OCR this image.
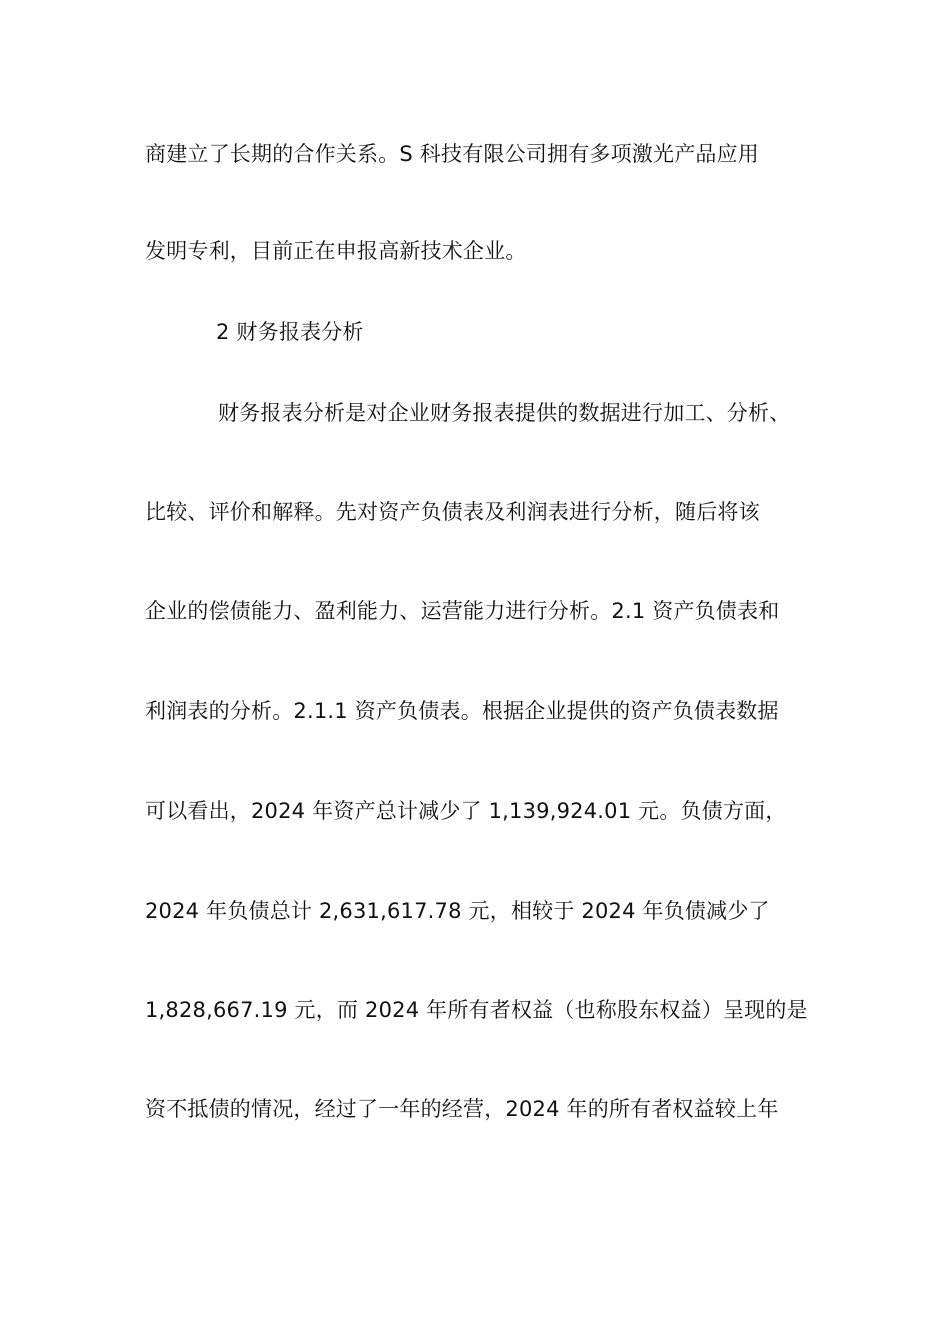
商建立了长期的合作关系。S 科技有限公司拥有多项激光产品应用
发明专利，目前正在申报高新技术企业。
2 财务报表分析
财务报表分析是对企业财务报表提供的数据进行加工、分析、
比较、评价和解释。先对资产负债表及利润表进行分析，随后将该
企业的偿债能力、盈利能力、运营能力进行分析。2.1 资产负债表和
利润表的分析。2.1.1 资产负债表。根据企业提供的资产负债表数据
可以看出，2024 年资产总计减少了 1,139,924.01 元。负债方面，
2024 年负债总计 2,631,617.78 元，相较于 2024 年负债减少了
1,828,667.19 元，而 2024 年所有者权益（也称股东权益）呈现的是
资不抵债的情况，经过了一年的经营，2024 年的所有者权益较上年
